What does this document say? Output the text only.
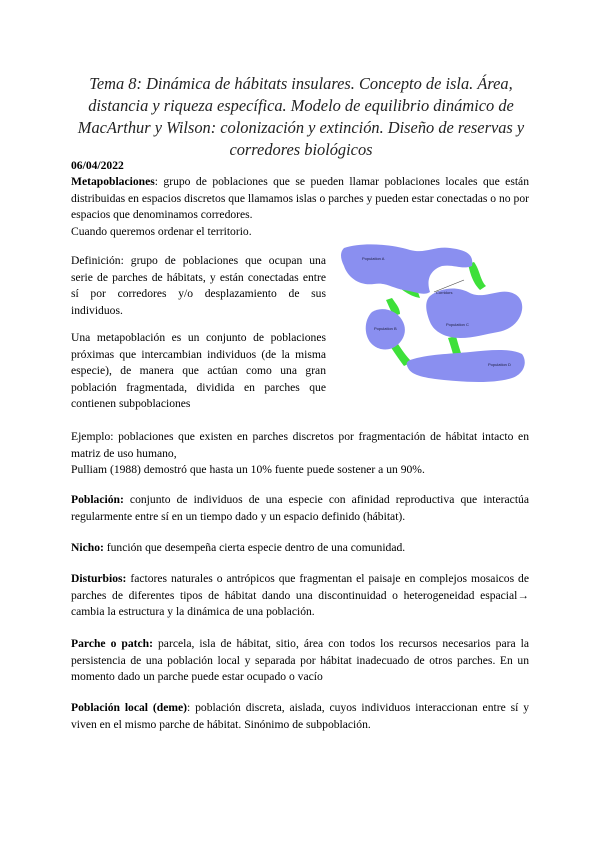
Tema 8: Dinámica de hábitats insulares. Concepto de isla. Área, distancia y riqueza específica. Modelo de equilibrio dinámico de MacArthur y Wilson: colonización y extinción. Diseño de reservas y corredores biológicos
06/04/2022
Metapoblaciones: grupo de poblaciones que se pueden llamar poblaciones locales que están distribuidas en espacios discretos que llamamos islas o parches y pueden estar conectadas o no por espacios que denominamos corredores.
Cuando queremos ordenar el territorio.
Definición: grupo de poblaciones que ocupan una serie de parches de hábitats, y están conectadas entre sí por corredores y/o desplazamiento de sus individuos.
Una metapoblación es un conjunto de poblaciones próximas que intercambian individuos (de la misma especie), de manera que actúan como una gran población fragmentada, dividida en parches que contienen subpoblaciones
Population A
Corridors
Population B
Population C
Population D
Ejemplo: poblaciones que existen en parches discretos por fragmentación de hábitat intacto en matriz de uso humano,
Pulliam (1988) demostró que hasta un 10% fuente puede sostener a un 90%.
Población: conjunto de individuos de una especie con afinidad reproductiva que interactúa regularmente entre sí en un tiempo dado y un espacio definido (hábitat).
Nicho: función que desempeña cierta especie dentro de una comunidad.
Disturbios: factores naturales o antrópicos que fragmentan el paisaje en complejos mosaicos de parches de diferentes tipos de hábitat dando una discontinuidad o heterogeneidad espacial→ cambia la estructura y la dinámica de una población.
Parche o patch: parcela, isla de hábitat, sitio, área con todos los recursos necesarios para la persistencia de una población local y separada por hábitat inadecuado de otros parches. En un momento dado un parche puede estar ocupado o vacío
Población local (deme): población discreta, aislada, cuyos individuos interaccionan entre sí y viven en el mismo parche de hábitat. Sinónimo de subpoblación.
